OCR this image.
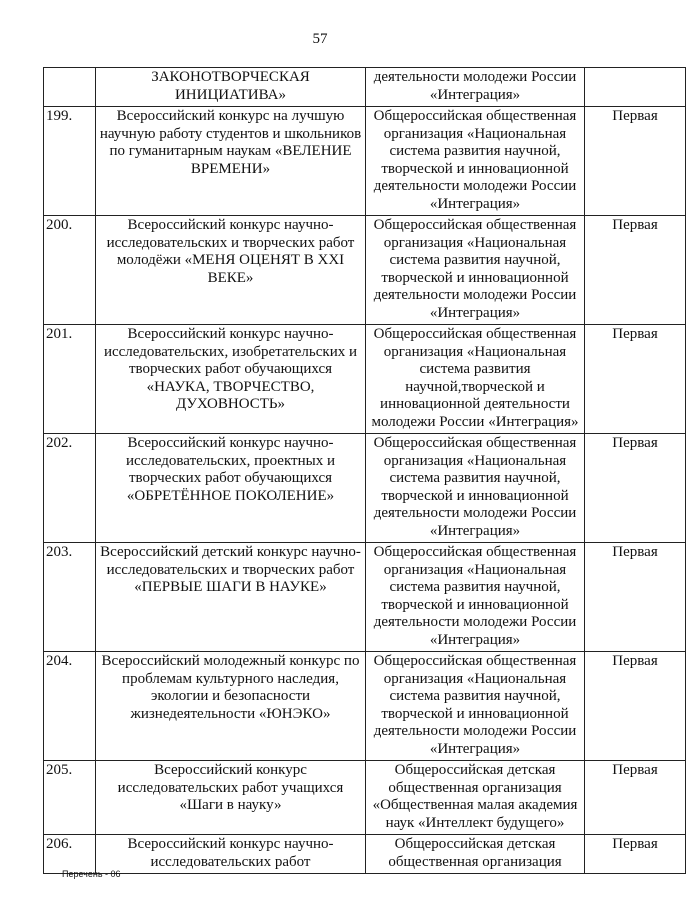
57
	ЗАКОНОТВОРЧЕСКАЯ ИНИЦИАТИВА»	деятельности молодежи России «Интеграция»	
199.	Всероссийский конкурс на лучшую научную работу студентов и школьников по гуманитарным наукам «ВЕЛЕНИЕ ВРЕМЕНИ»	Общероссийская общественная организация «Национальная система развития научной, творческой и инновационной деятельности молодежи России «Интеграция»	Первая
200.	Всероссийский конкурс научно-исследовательских и творческих работ молодёжи «МЕНЯ ОЦЕНЯТ В XXI ВЕКЕ»	Общероссийская общественная организация «Национальная система развития научной, творческой и инновационной деятельности молодежи России «Интеграция»	Первая
201.	Всероссийский конкурс научно-исследовательских, изобретательских и творческих работ обучающихся «НАУКА, ТВОРЧЕСТВО, ДУХОВНОСТЬ»	Общероссийская общественная организация «Национальная система развития научной,творческой и инновационной деятельности молодежи России «Интеграция»	Первая
202.	Всероссийский конкурс научно-исследовательских, проектных и творческих работ обучающихся «ОБРЕТЁННОЕ ПОКОЛЕНИЕ»	Общероссийская общественная организация «Национальная система развития научной, творческой и инновационной деятельности молодежи России «Интеграция»	Первая
203.	Всероссийский детский конкурс научно-исследовательских и творческих работ «ПЕРВЫЕ ШАГИ В НАУКЕ»	Общероссийская общественная организация «Национальная система развития научной, творческой и инновационной деятельности молодежи России «Интеграция»	Первая
204.	Всероссийский молодежный конкурс по проблемам культурного наследия, экологии и безопасности жизнедеятельности «ЮНЭКО»	Общероссийская общественная организация «Национальная система развития научной, творческой и инновационной деятельности молодежи России «Интеграция»	Первая
205.	Всероссийский конкурс исследовательских работ учащихся «Шаги в науку»	Общероссийская детская общественная организация «Общественная малая академия наук «Интеллект будущего»	Первая
206.	Всероссийский конкурс научно-исследовательских работ	Общероссийская детская общественная организация	Первая
Перечень - 06
